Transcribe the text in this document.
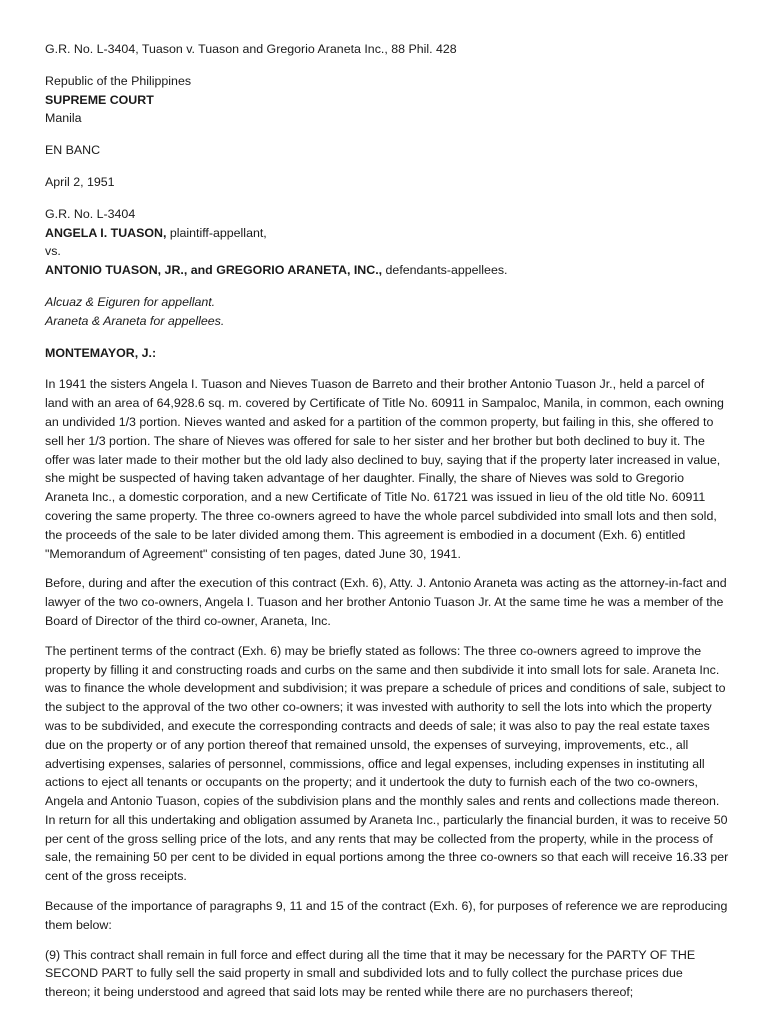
G.R. No. L-3404, Tuason v. Tuason and Gregorio Araneta Inc., 88 Phil. 428

Republic of the Philippines

SUPREME COURT

Manila

EN BANC

April 2, 1951

G.R. No. L-3404

ANGELA I. TUASON, plaintiff-appellant,

vs.

ANTONIO TUASON, JR., and GREGORIO ARANETA, INC., defendants-appellees.

Alcuaz & Eiguren for appellant.

Araneta & Araneta for appellees.

MONTEMAYOR, J.:

In 1941 the sisters Angela I. Tuason and Nieves Tuason de Barreto and their brother Antonio Tuason Jr., held a parcel of land with an area of 64,928.6 sq. m. covered by Certificate of Title No. 60911 in Sampaloc, Manila, in common, each owning an undivided 1/3 portion. Nieves wanted and asked for a partition of the common property, but failing in this, she offered to sell her 1/3 portion. The share of Nieves was offered for sale to her sister and her brother but both declined to buy it. The offer was later made to their mother but the old lady also declined to buy, saying that if the property later increased in value, she might be suspected of having taken advantage of her daughter. Finally, the share of Nieves was sold to Gregorio Araneta Inc., a domestic corporation, and a new Certificate of Title No. 61721 was issued in lieu of the old title No. 60911 covering the same property. The three co-owners agreed to have the whole parcel subdivided into small lots and then sold, the proceeds of the sale to be later divided among them. This agreement is embodied in a document (Exh. 6) entitled "Memorandum of Agreement" consisting of ten pages, dated June 30, 1941.

Before, during and after the execution of this contract (Exh. 6), Atty. J. Antonio Araneta was acting as the attorney-in-fact and lawyer of the two co-owners, Angela I. Tuason and her brother Antonio Tuason Jr. At the same time he was a member of the Board of Director of the third co-owner, Araneta, Inc.

The pertinent terms of the contract (Exh. 6) may be briefly stated as follows: The three co-owners agreed to improve the property by filling it and constructing roads and curbs on the same and then subdivide it into small lots for sale. Araneta Inc. was to finance the whole development and subdivision; it was prepare a schedule of prices and conditions of sale, subject to the subject to the approval of the two other co-owners; it was invested with authority to sell the lots into which the property was to be subdivided, and execute the corresponding contracts and deeds of sale; it was also to pay the real estate taxes due on the property or of any portion thereof that remained unsold, the expenses of surveying, improvements, etc., all advertising expenses, salaries of personnel, commissions, office and legal expenses, including expenses in instituting all actions to eject all tenants or occupants on the property; and it undertook the duty to furnish each of the two co-owners, Angela and Antonio Tuason, copies of the subdivision plans and the monthly sales and rents and collections made thereon. In return for all this undertaking and obligation assumed by Araneta Inc., particularly the financial burden, it was to receive 50 per cent of the gross selling price of the lots, and any rents that may be collected from the property, while in the process of sale, the remaining 50 per cent to be divided in equal portions among the three co-owners so that each will receive 16.33 per cent of the gross receipts.

Because of the importance of paragraphs 9, 11 and 15 of the contract (Exh. 6), for purposes of reference we are reproducing them below:

(9) This contract shall remain in full force and effect during all the time that it may be necessary for the PARTY OF THE SECOND PART to fully sell the said property in small and subdivided lots and to fully collect the purchase prices due thereon; it being understood and agreed that said lots may be rented while there are no purchasers thereof;
